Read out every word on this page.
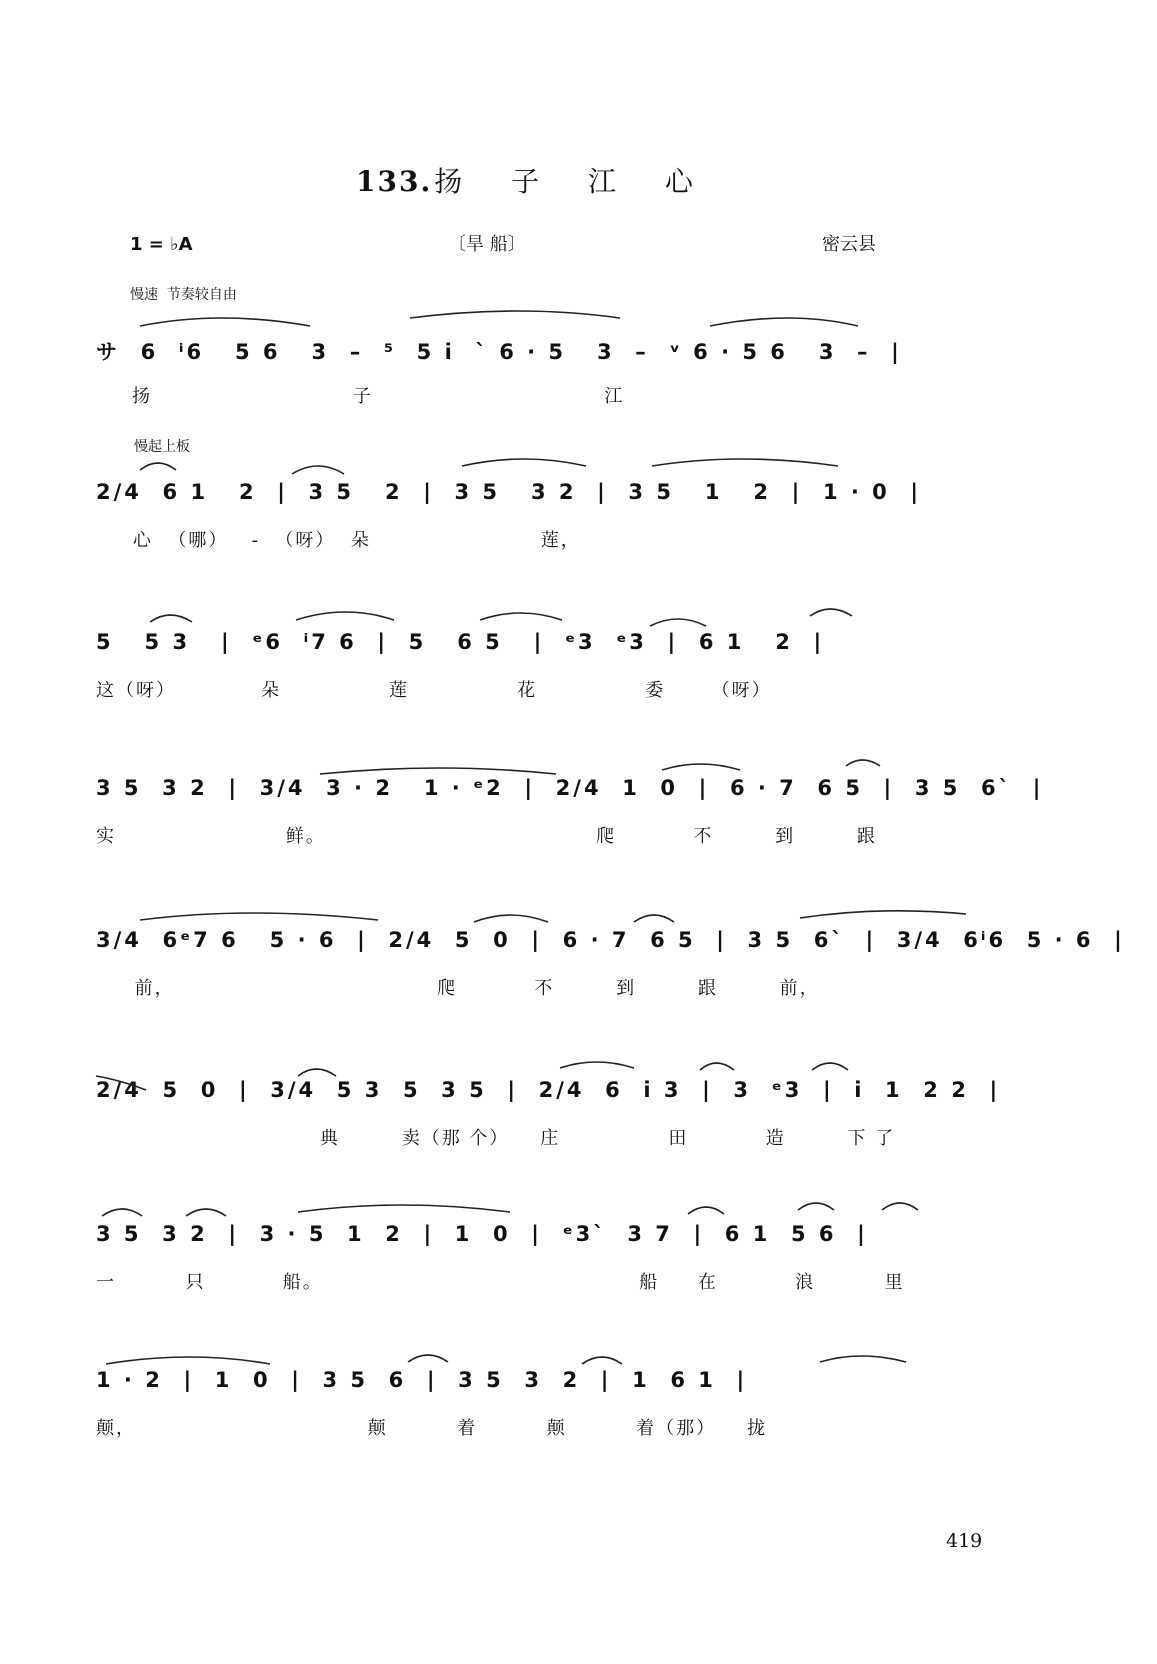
133.扬 子 江 心
1 = ♭A	〔旱 船〕	密云县
慢速  节奏较自由
慢起上板
サ  6  ⁱ6   5 6   3  –  ⁵  5 i  ˋ 6 · 5   3  –  ᵛ 6 · 5 6   3  –  |
扬                          子                              江
2/4  6 1   2  |  3 5   2  |  3 5   3 2  |  3 5   1   2  |  1 · 0  |
心  （哪）   -  （呀）  朵                      莲，
5   5 3   |  ᵉ6  ⁱ7 6  |  5   6 5   |  ᵉ3  ᵉ3  |  6 1   2  |
这（呀）           朵              莲              花              委      （呀）
3 5  3 2  |  3/4  3 · 2   1 · ᵉ2  |  2/4  1  0  |  6 · 7  6 5  |  3 5  6ˋ  |
实                      鲜。                                   爬          不        到        跟
3/4  6ᵉ7 6   5 · 6  |  2/4  5  0  |  6 · 7  6 5  |  3 5  6ˋ  |  3/4  6ⁱ6  5 · 6  |
前，                                  爬          不        到        跟        前，
2/4  5  0  |  3/4  5 3  5  3 5  |  2/4  6  i 3  |  3  ᵉ3  |  i  1  2 2  |
典        卖（那 个）    庄              田          造        下 了
3 5  3 2  |  3 · 5  1  2  |  1  0  |  ᵉ3ˋ  3 7  |  6 1  5 6  |
一         只          船。                                         船     在          浪         里
1 · 2  |  1  0  |  3 5  6  |  3 5  3  2  |  1  6 1  |
颠，                              颠         着         颠         着（那）    拢
419
